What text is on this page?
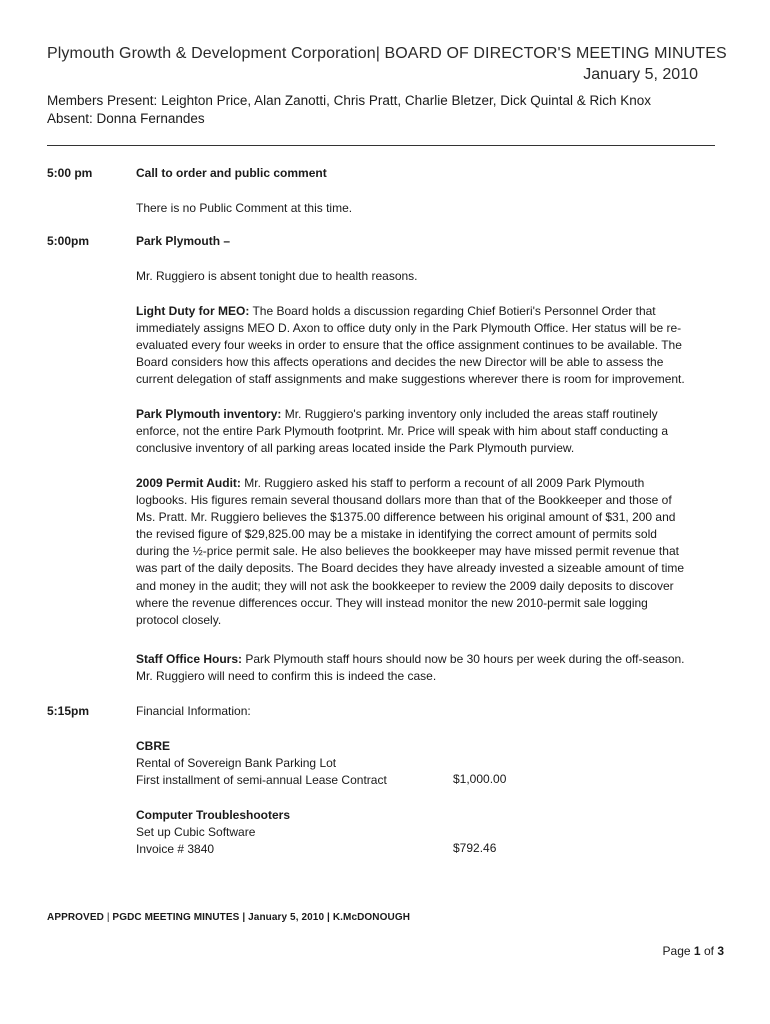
Plymouth Growth & Development Corporation| BOARD OF DIRECTOR'S MEETING MINUTES
January 5, 2010
Members Present: Leighton Price, Alan Zanotti, Chris Pratt, Charlie Bletzer, Dick Quintal & Rich Knox
Absent: Donna Fernandes
5:00 pm	Call to order and public comment
There is no Public Comment at this time.
5:00pm	Park Plymouth –
Mr. Ruggiero is absent tonight due to health reasons.
Light Duty for MEO: The Board holds a discussion regarding Chief Botieri's Personnel Order that
immediately assigns MEO D. Axon to office duty only in the Park Plymouth Office. Her status will be re-
evaluated every four weeks in order to ensure that the office assignment continues to be available. The
Board considers how this affects operations and decides the new Director will be able to assess the
current delegation of staff assignments and make suggestions wherever there is room for improvement.
Park Plymouth inventory: Mr. Ruggiero's parking inventory only included the areas staff routinely
enforce, not the entire Park Plymouth footprint. Mr. Price will speak with him about staff conducting a
conclusive inventory of all parking areas located inside the Park Plymouth purview.
2009 Permit Audit: Mr. Ruggiero asked his staff to perform a recount of all 2009 Park Plymouth
logbooks. His figures remain several thousand dollars more than that of the Bookkeeper and those of
Ms. Pratt. Mr. Ruggiero believes the $1375.00 difference between his original amount of $31, 200 and
the revised figure of $29,825.00 may be a mistake in identifying the correct amount of permits sold
during the ½-price permit sale. He also believes the bookkeeper may have missed permit revenue that
was part of the daily deposits. The Board decides they have already invested a sizeable amount of time
and money in the audit; they will not ask the bookkeeper to review the 2009 daily deposits to discover
where the revenue differences occur. They will instead monitor the new 2010-permit sale logging
protocol closely.
Staff Office Hours: Park Plymouth staff hours should now be 30 hours per week during the off-season.
Mr. Ruggiero will need to confirm this is indeed the case.
5:15pm	Financial Information:
CBRE
Rental of Sovereign Bank Parking Lot
First installment of semi-annual Lease Contract	$1,000.00
Computer Troubleshooters
Set up Cubic Software
Invoice # 3840	$792.46
APPROVED | PGDC MEETING MINUTES | January 5, 2010 | K.McDONOUGH
Page 1 of 3
